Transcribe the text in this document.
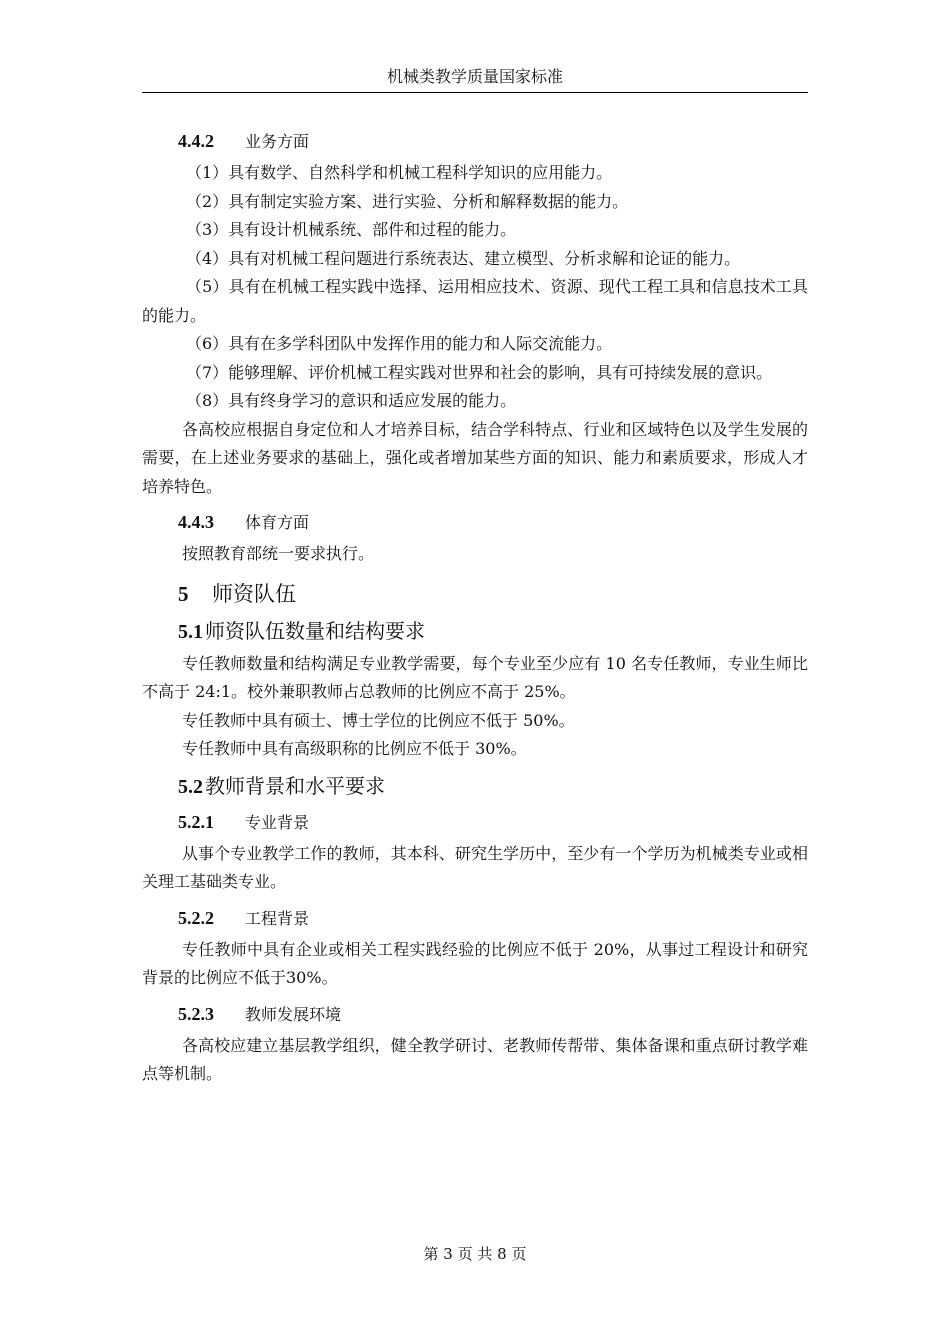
机械类教学质量国家标准
4.4.2	业务方面

（1）具有数学、自然科学和机械工程科学知识的应用能力。

（2）具有制定实验方案、进行实验、分析和解释数据的能力。

（3）具有设计机械系统、部件和过程的能力。

（4）具有对机械工程问题进行系统表达、建立模型、分析求解和论证的能力。

（5）具有在机械工程实践中选择、运用相应技术、资源、现代工程工具和信息技术工具的能力。

（6）具有在多学科团队中发挥作用的能力和人际交流能力。

（7）能够理解、评价机械工程实践对世界和社会的影响，具有可持续发展的意识。

（8）具有终身学习的意识和适应发展的能力。

各高校应根据自身定位和人才培养目标，结合学科特点、行业和区域特色以及学生发展的需要，在上述业务要求的基础上，强化或者增加某些方面的知识、能力和素质要求，形成人才培养特色。

4.4.3	体育方面

按照教育部统一要求执行。

5	师资队伍
5.1 师资队伍数量和结构要求

专任教师数量和结构满足专业教学需要，每个专业至少应有 10 名专任教师，专业生师比不高于 24:1。校外兼职教师占总教师的比例应不高于 25%。

专任教师中具有硕士、博士学位的比例应不低于 50%。

专任教师中具有高级职称的比例应不低于 30%。

5.2 教师背景和水平要求
5.2.1	专业背景

从事个专业教学工作的教师，其本科、研究生学历中，至少有一个学历为机械类专业或相关理工基础类专业。

5.2.2	工程背景

专任教师中具有企业或相关工程实践经验的比例应不低于 20%，从事过工程设计和研究背景的比例应不低于30%。

5.2.3	教师发展环境

各高校应建立基层教学组织，健全教学研讨、老教师传帮带、集体备课和重点研讨教学难点等机制。

第 3 页 共 8 页
